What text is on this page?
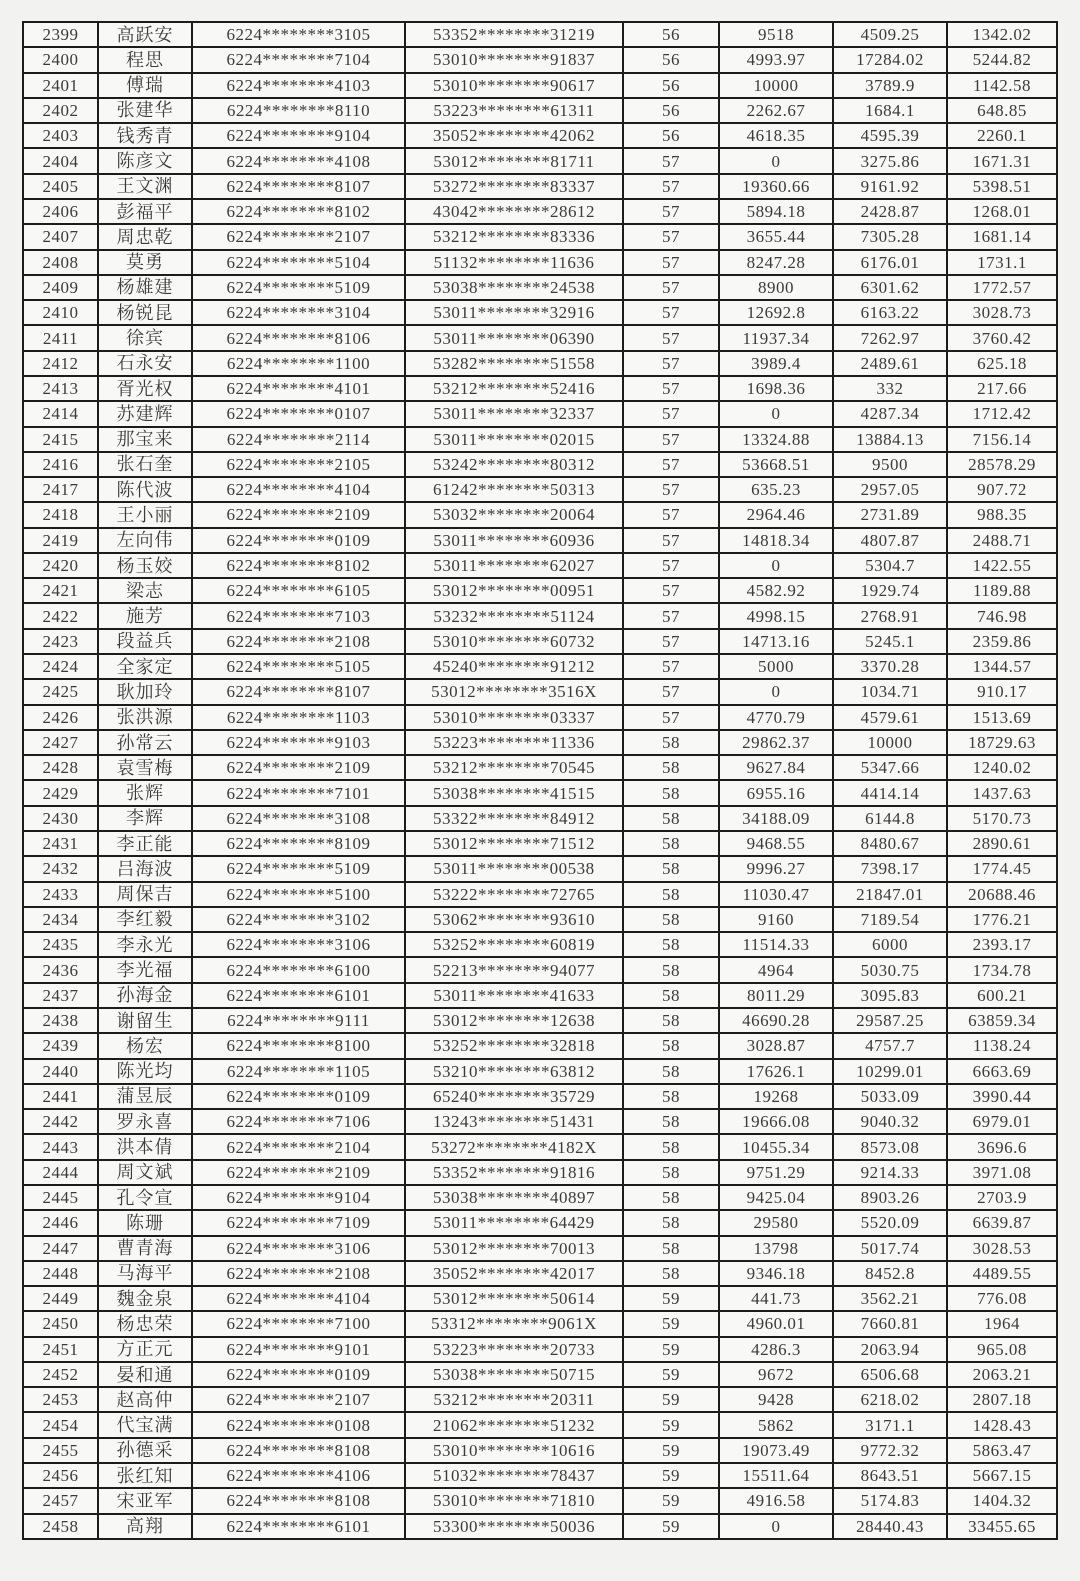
2399	高跃安	6224********3105	53352********31219	56	9518	4509.25	1342.02
2400	程思	6224********7104	53010********91837	56	4993.97	17284.02	5244.82
2401	傅瑞	6224********4103	53010********90617	56	10000	3789.9	1142.58
2402	张建华	6224********8110	53223********61311	56	2262.67	1684.1	648.85
2403	钱秀青	6224********9104	35052********42062	56	4618.35	4595.39	2260.1
2404	陈彦文	6224********4108	53012********81711	57	0	3275.86	1671.31
2405	王文渊	6224********8107	53272********83337	57	19360.66	9161.92	5398.51
2406	彭福平	6224********8102	43042********28612	57	5894.18	2428.87	1268.01
2407	周忠乾	6224********2107	53212********83336	57	3655.44	7305.28	1681.14
2408	莫勇	6224********5104	51132********11636	57	8247.28	6176.01	1731.1
2409	杨雄建	6224********5109	53038********24538	57	8900	6301.62	1772.57
2410	杨锐昆	6224********3104	53011********32916	57	12692.8	6163.22	3028.73
2411	徐宾	6224********8106	53011********06390	57	11937.34	7262.97	3760.42
2412	石永安	6224********1100	53282********51558	57	3989.4	2489.61	625.18
2413	胥光权	6224********4101	53212********52416	57	1698.36	332	217.66
2414	苏建辉	6224********0107	53011********32337	57	0	4287.34	1712.42
2415	那宝来	6224********2114	53011********02015	57	13324.88	13884.13	7156.14
2416	张石奎	6224********2105	53242********80312	57	53668.51	9500	28578.29
2417	陈代波	6224********4104	61242********50313	57	635.23	2957.05	907.72
2418	王小丽	6224********2109	53032********20064	57	2964.46	2731.89	988.35
2419	左向伟	6224********0109	53011********60936	57	14818.34	4807.87	2488.71
2420	杨玉姣	6224********8102	53011********62027	57	0	5304.7	1422.55
2421	梁志	6224********6105	53012********00951	57	4582.92	1929.74	1189.88
2422	施芳	6224********7103	53232********51124	57	4998.15	2768.91	746.98
2423	段益兵	6224********2108	53010********60732	57	14713.16	5245.1	2359.86
2424	全家定	6224********5105	45240********91212	57	5000	3370.28	1344.57
2425	耿加玲	6224********8107	53012********3516X	57	0	1034.71	910.17
2426	张洪源	6224********1103	53010********03337	57	4770.79	4579.61	1513.69
2427	孙常云	6224********9103	53223********11336	58	29862.37	10000	18729.63
2428	袁雪梅	6224********2109	53212********70545	58	9627.84	5347.66	1240.02
2429	张辉	6224********7101	53038********41515	58	6955.16	4414.14	1437.63
2430	李辉	6224********3108	53322********84912	58	34188.09	6144.8	5170.73
2431	李正能	6224********8109	53012********71512	58	9468.55	8480.67	2890.61
2432	吕海波	6224********5109	53011********00538	58	9996.27	7398.17	1774.45
2433	周保吉	6224********5100	53222********72765	58	11030.47	21847.01	20688.46
2434	李红毅	6224********3102	53062********93610	58	9160	7189.54	1776.21
2435	李永光	6224********3106	53252********60819	58	11514.33	6000	2393.17
2436	李光福	6224********6100	52213********94077	58	4964	5030.75	1734.78
2437	孙海金	6224********6101	53011********41633	58	8011.29	3095.83	600.21
2438	谢留生	6224********9111	53012********12638	58	46690.28	29587.25	63859.34
2439	杨宏	6224********8100	53252********32818	58	3028.87	4757.7	1138.24
2440	陈光均	6224********1105	53210********63812	58	17626.1	10299.01	6663.69
2441	蒲昱辰	6224********0109	65240********35729	58	19268	5033.09	3990.44
2442	罗永喜	6224********7106	13243********51431	58	19666.08	9040.32	6979.01
2443	洪本倩	6224********2104	53272********4182X	58	10455.34	8573.08	3696.6
2444	周文斌	6224********2109	53352********91816	58	9751.29	9214.33	3971.08
2445	孔令宣	6224********9104	53038********40897	58	9425.04	8903.26	2703.9
2446	陈珊	6224********7109	53011********64429	58	29580	5520.09	6639.87
2447	曹青海	6224********3106	53012********70013	58	13798	5017.74	3028.53
2448	马海平	6224********2108	35052********42017	58	9346.18	8452.8	4489.55
2449	魏金泉	6224********4104	53012********50614	59	441.73	3562.21	776.08
2450	杨忠荣	6224********7100	53312********9061X	59	4960.01	7660.81	1964
2451	方正元	6224********9101	53223********20733	59	4286.3	2063.94	965.08
2452	晏和通	6224********0109	53038********50715	59	9672	6506.68	2063.21
2453	赵高仲	6224********2107	53212********20311	59	9428	6218.02	2807.18
2454	代宝满	6224********0108	21062********51232	59	5862	3171.1	1428.43
2455	孙德采	6224********8108	53010********10616	59	19073.49	9772.32	5863.47
2456	张红知	6224********4106	51032********78437	59	15511.64	8643.51	5667.15
2457	宋亚军	6224********8108	53010********71810	59	4916.58	5174.83	1404.32
2458	高翔	6224********6101	53300********50036	59	0	28440.43	33455.65
